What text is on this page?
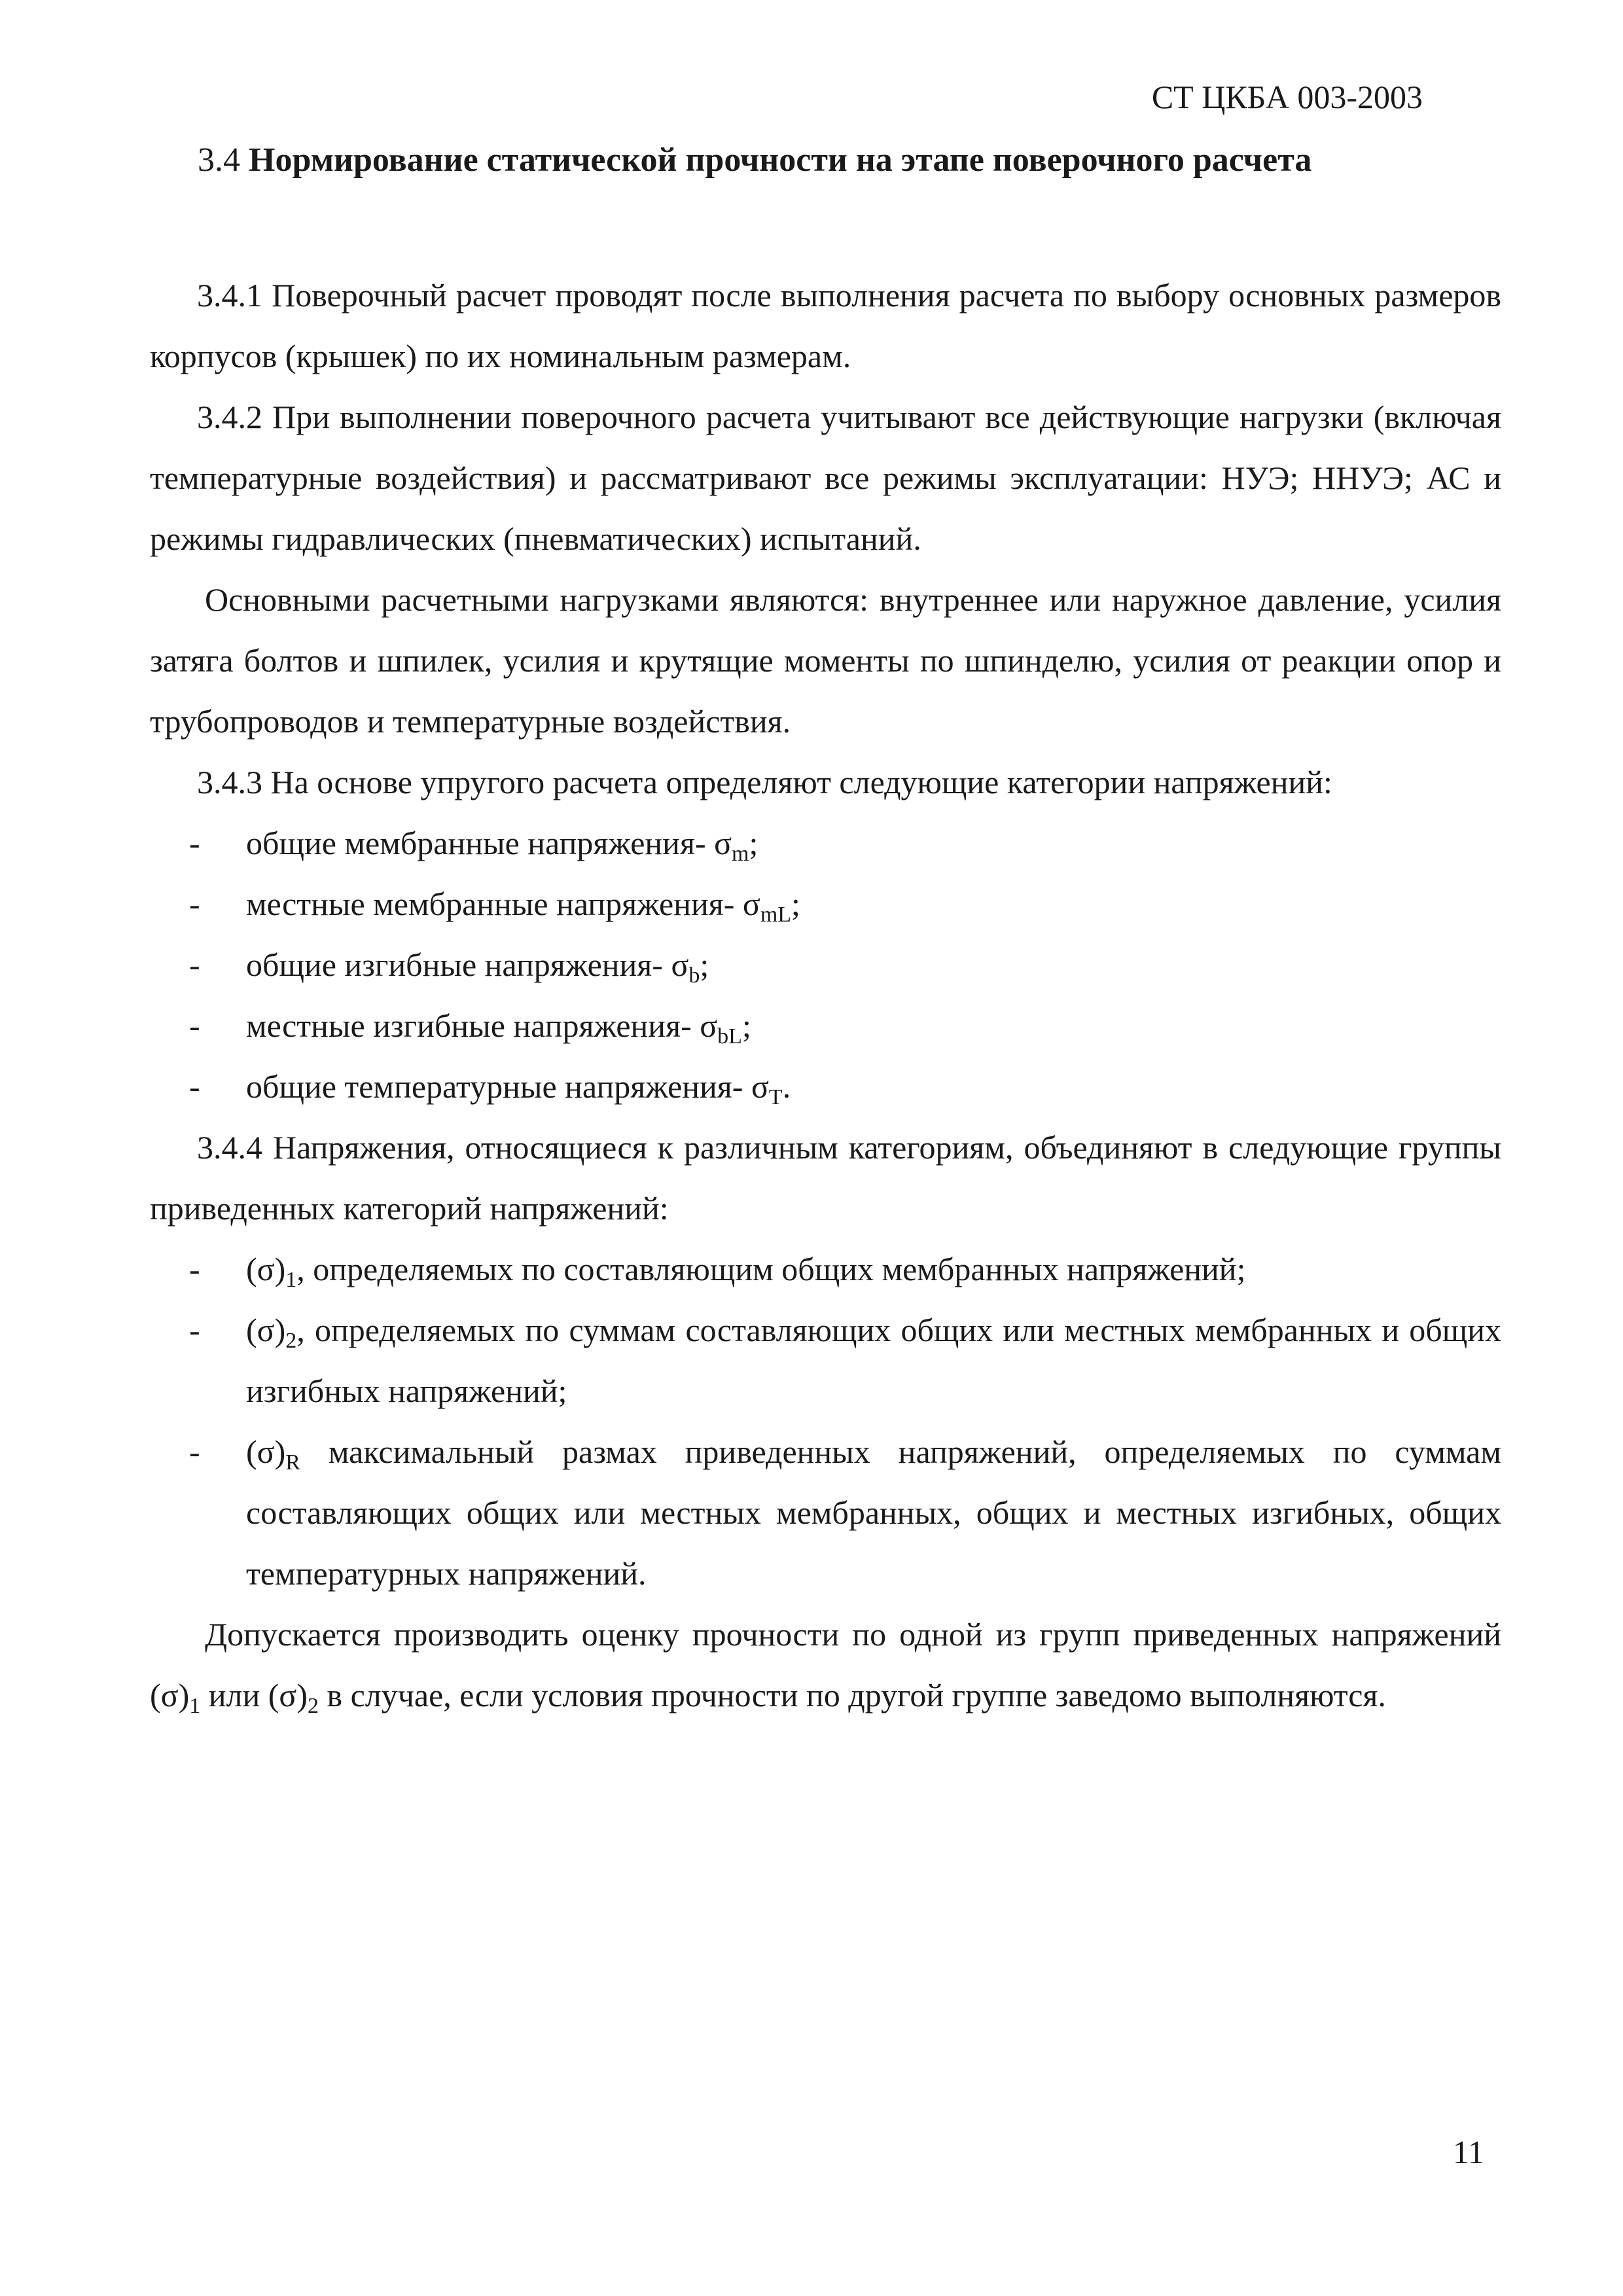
СТ ЦКБА 003-2003
3.4 Нормирование статической прочности на этапе поверочного расчета

3.4.1 Поверочный расчет проводят после выполнения расчета по выбору основных размеров корпусов (крышек) по их номинальным размерам.

3.4.2 При выполнении поверочного расчета учитывают все действующие нагрузки (включая температурные воздействия) и рассматривают все режимы эксплуатации: НУЭ; ННУЭ; АС и режимы гидравлических (пневматических) испытаний.

Основными расчетными нагрузками являются: внутреннее или наружное давление, усилия затяга болтов и шпилек, усилия и крутящие моменты по шпинделю, усилия от реакции опор и трубопроводов и температурные воздействия.

3.4.3 На основе упругого расчета определяют следующие категории напряжений:

- общие мембранные напряжения- $\sigma_m$;
- местные мембранные напряжения- $\sigma_{mL}$;
- общие изгибные напряжения- $\sigma_b$;
- местные изгибные напряжения- $\sigma_{bL}$;
- общие температурные напряжения- $\sigma_T$.

3.4.4 Напряжения, относящиеся к различным категориям, объединяют в следующие группы приведенных категорий напряжений:

- $(\sigma)_1$, определяемых по составляющим общих мембранных напряжений;
- $(\sigma)_2$, определяемых по суммам составляющих общих или местных мембранных и общих изгибных напряжений;
- $(\sigma)_R$ максимальный размах приведенных напряжений, определяемых по суммам составляющих общих или местных мембранных, общих и местных изгибных, общих температурных напряжений.

Допускается производить оценку прочности по одной из групп приведенных напряжений $(\sigma)_1$ или $(\sigma)_2$ в случае, если условия прочности по другой группе заведомо выполняются.

11
